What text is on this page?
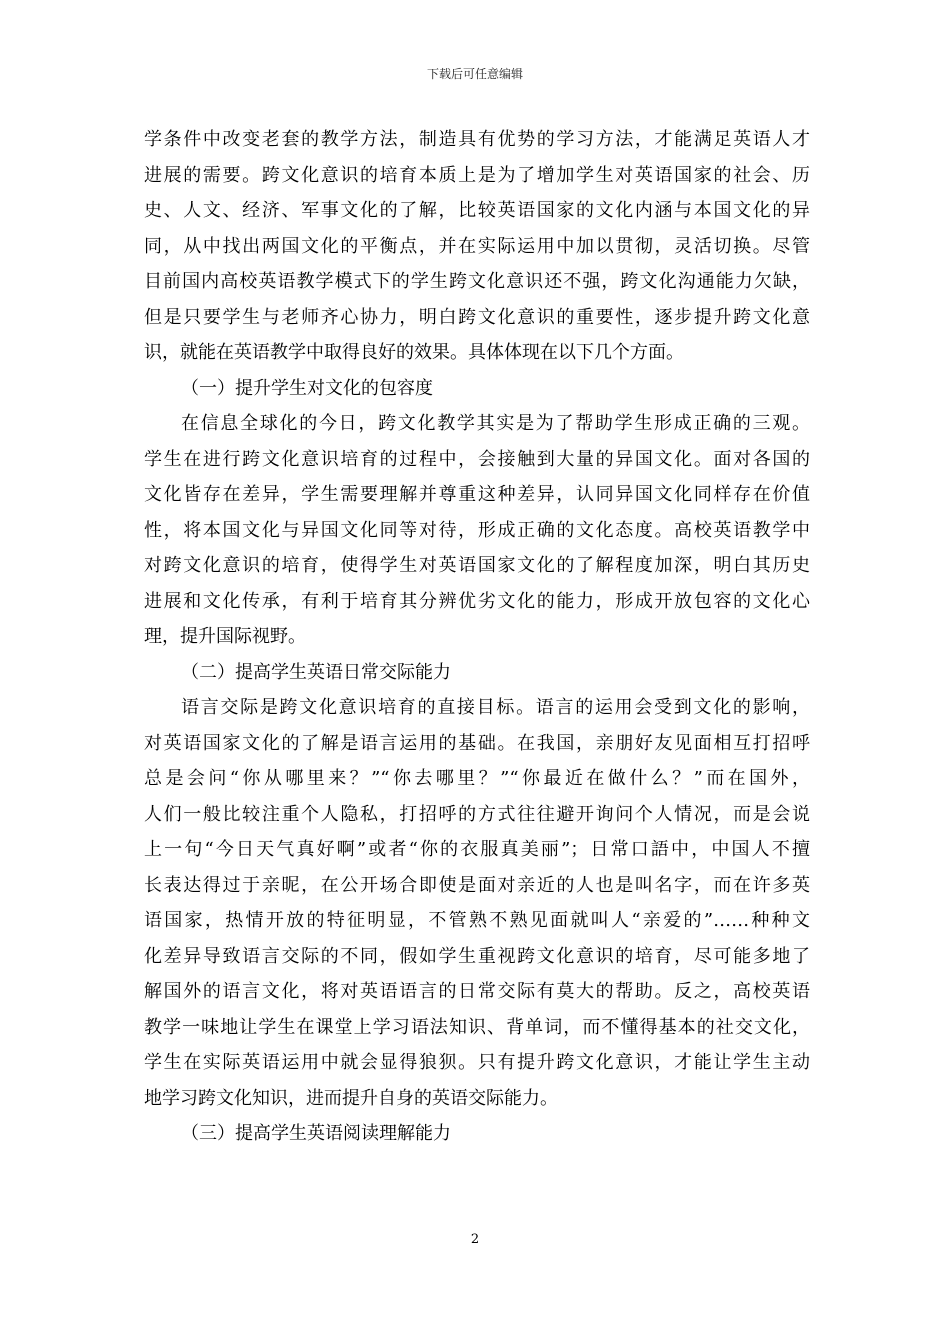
下载后可任意编辑
学条件中改变老套的教学方法，制造具有优势的学习方法，才能满足英语人才
进展的需要。跨文化意识的培育本质上是为了增加学生对英语国家的社会、历
史、人文、经济、军事文化的了解，比较英语国家的文化内涵与本国文化的异
同，从中找出两国文化的平衡点，并在实际运用中加以贯彻，灵活切换。尽管
目前国内高校英语教学模式下的学生跨文化意识还不强，跨文化沟通能力欠缺，
但是只要学生与老师齐心协力，明白跨文化意识的重要性，逐步提升跨文化意
识，就能在英语教学中取得良好的效果。具体体现在以下几个方面。
（一）提升学生对文化的包容度
在信息全球化的今日，跨文化教学其实是为了帮助学生形成正确的三观。
学生在进行跨文化意识培育的过程中，会接触到大量的异国文化。面对各国的
文化皆存在差异，学生需要理解并尊重这种差异，认同异国文化同样存在价值
性，将本国文化与异国文化同等对待，形成正确的文化态度。高校英语教学中
对跨文化意识的培育，使得学生对英语国家文化的了解程度加深，明白其历史
进展和文化传承，有利于培育其分辨优劣文化的能力，形成开放包容的文化心
理，提升国际视野。
（二）提高学生英语日常交际能力
语言交际是跨文化意识培育的直接目标。语言的运用会受到文化的影响，
对英语国家文化的了解是语言运用的基础。在我国，亲朋好友见面相互打招呼
总是会问“你从哪里来？”“你去哪里？”“你最近在做什么？”而在国外，
人们一般比较注重个人隐私，打招呼的方式往往避开询问个人情况，而是会说
上一句“今日天气真好啊”或者“你的衣服真美丽”；日常口語中，中国人不擅
长表达得过于亲昵，在公开场合即使是面对亲近的人也是叫名字，而在许多英
语国家，热情开放的特征明显，不管熟不熟见面就叫人“亲爱的”……种种文
化差异导致语言交际的不同，假如学生重视跨文化意识的培育，尽可能多地了
解国外的语言文化，将对英语语言的日常交际有莫大的帮助。反之，高校英语
教学一味地让学生在课堂上学习语法知识、背单词，而不懂得基本的社交文化，
学生在实际英语运用中就会显得狼狈。只有提升跨文化意识，才能让学生主动
地学习跨文化知识，进而提升自身的英语交际能力。
（三）提高学生英语阅读理解能力
2
